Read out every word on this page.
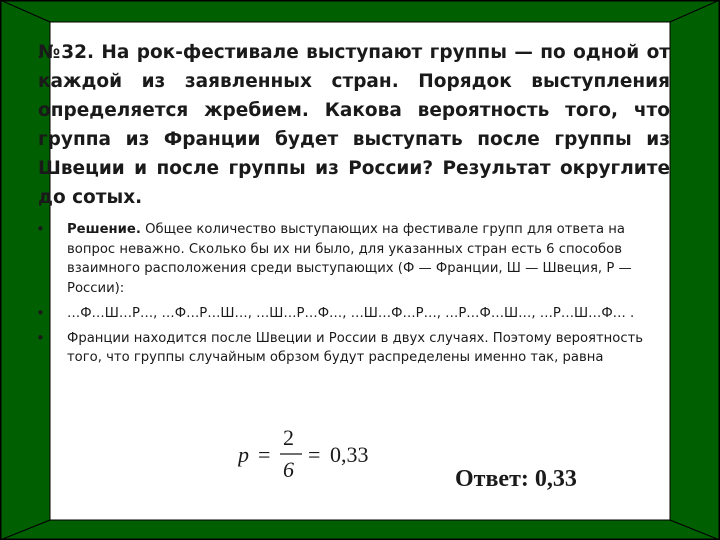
№32. На рок-фестивале выступают группы — по одной от каждой из заявленных стран. Порядок выступления определяется жребием. Какова вероятность того, что группа из Франции будет выступать после группы из Швеции и после группы из России? Результат округлите до сотых.
• Решение. Общее количество выступающих на фестивале групп для ответа на вопрос неважно. Сколько бы их ни было, для указанных стран есть 6 способов взаимного расположения среди выступающих (Ф — Франции, Ш — Швеция, Р — России):
• …Ф…Ш…Р…, …Ф…Р…Ш…, …Ш…Р…Ф…, …Ш…Ф…Р…, …Р…Ф…Ш…, …Р…Ш…Ф… .
• Франции находится после Швеции и России в двух случаях. Поэтому вероятность того, что группы случайным обрзом будут распределены именно так, равна
p =
2
6
= 0,33
Ответ: 0,33
